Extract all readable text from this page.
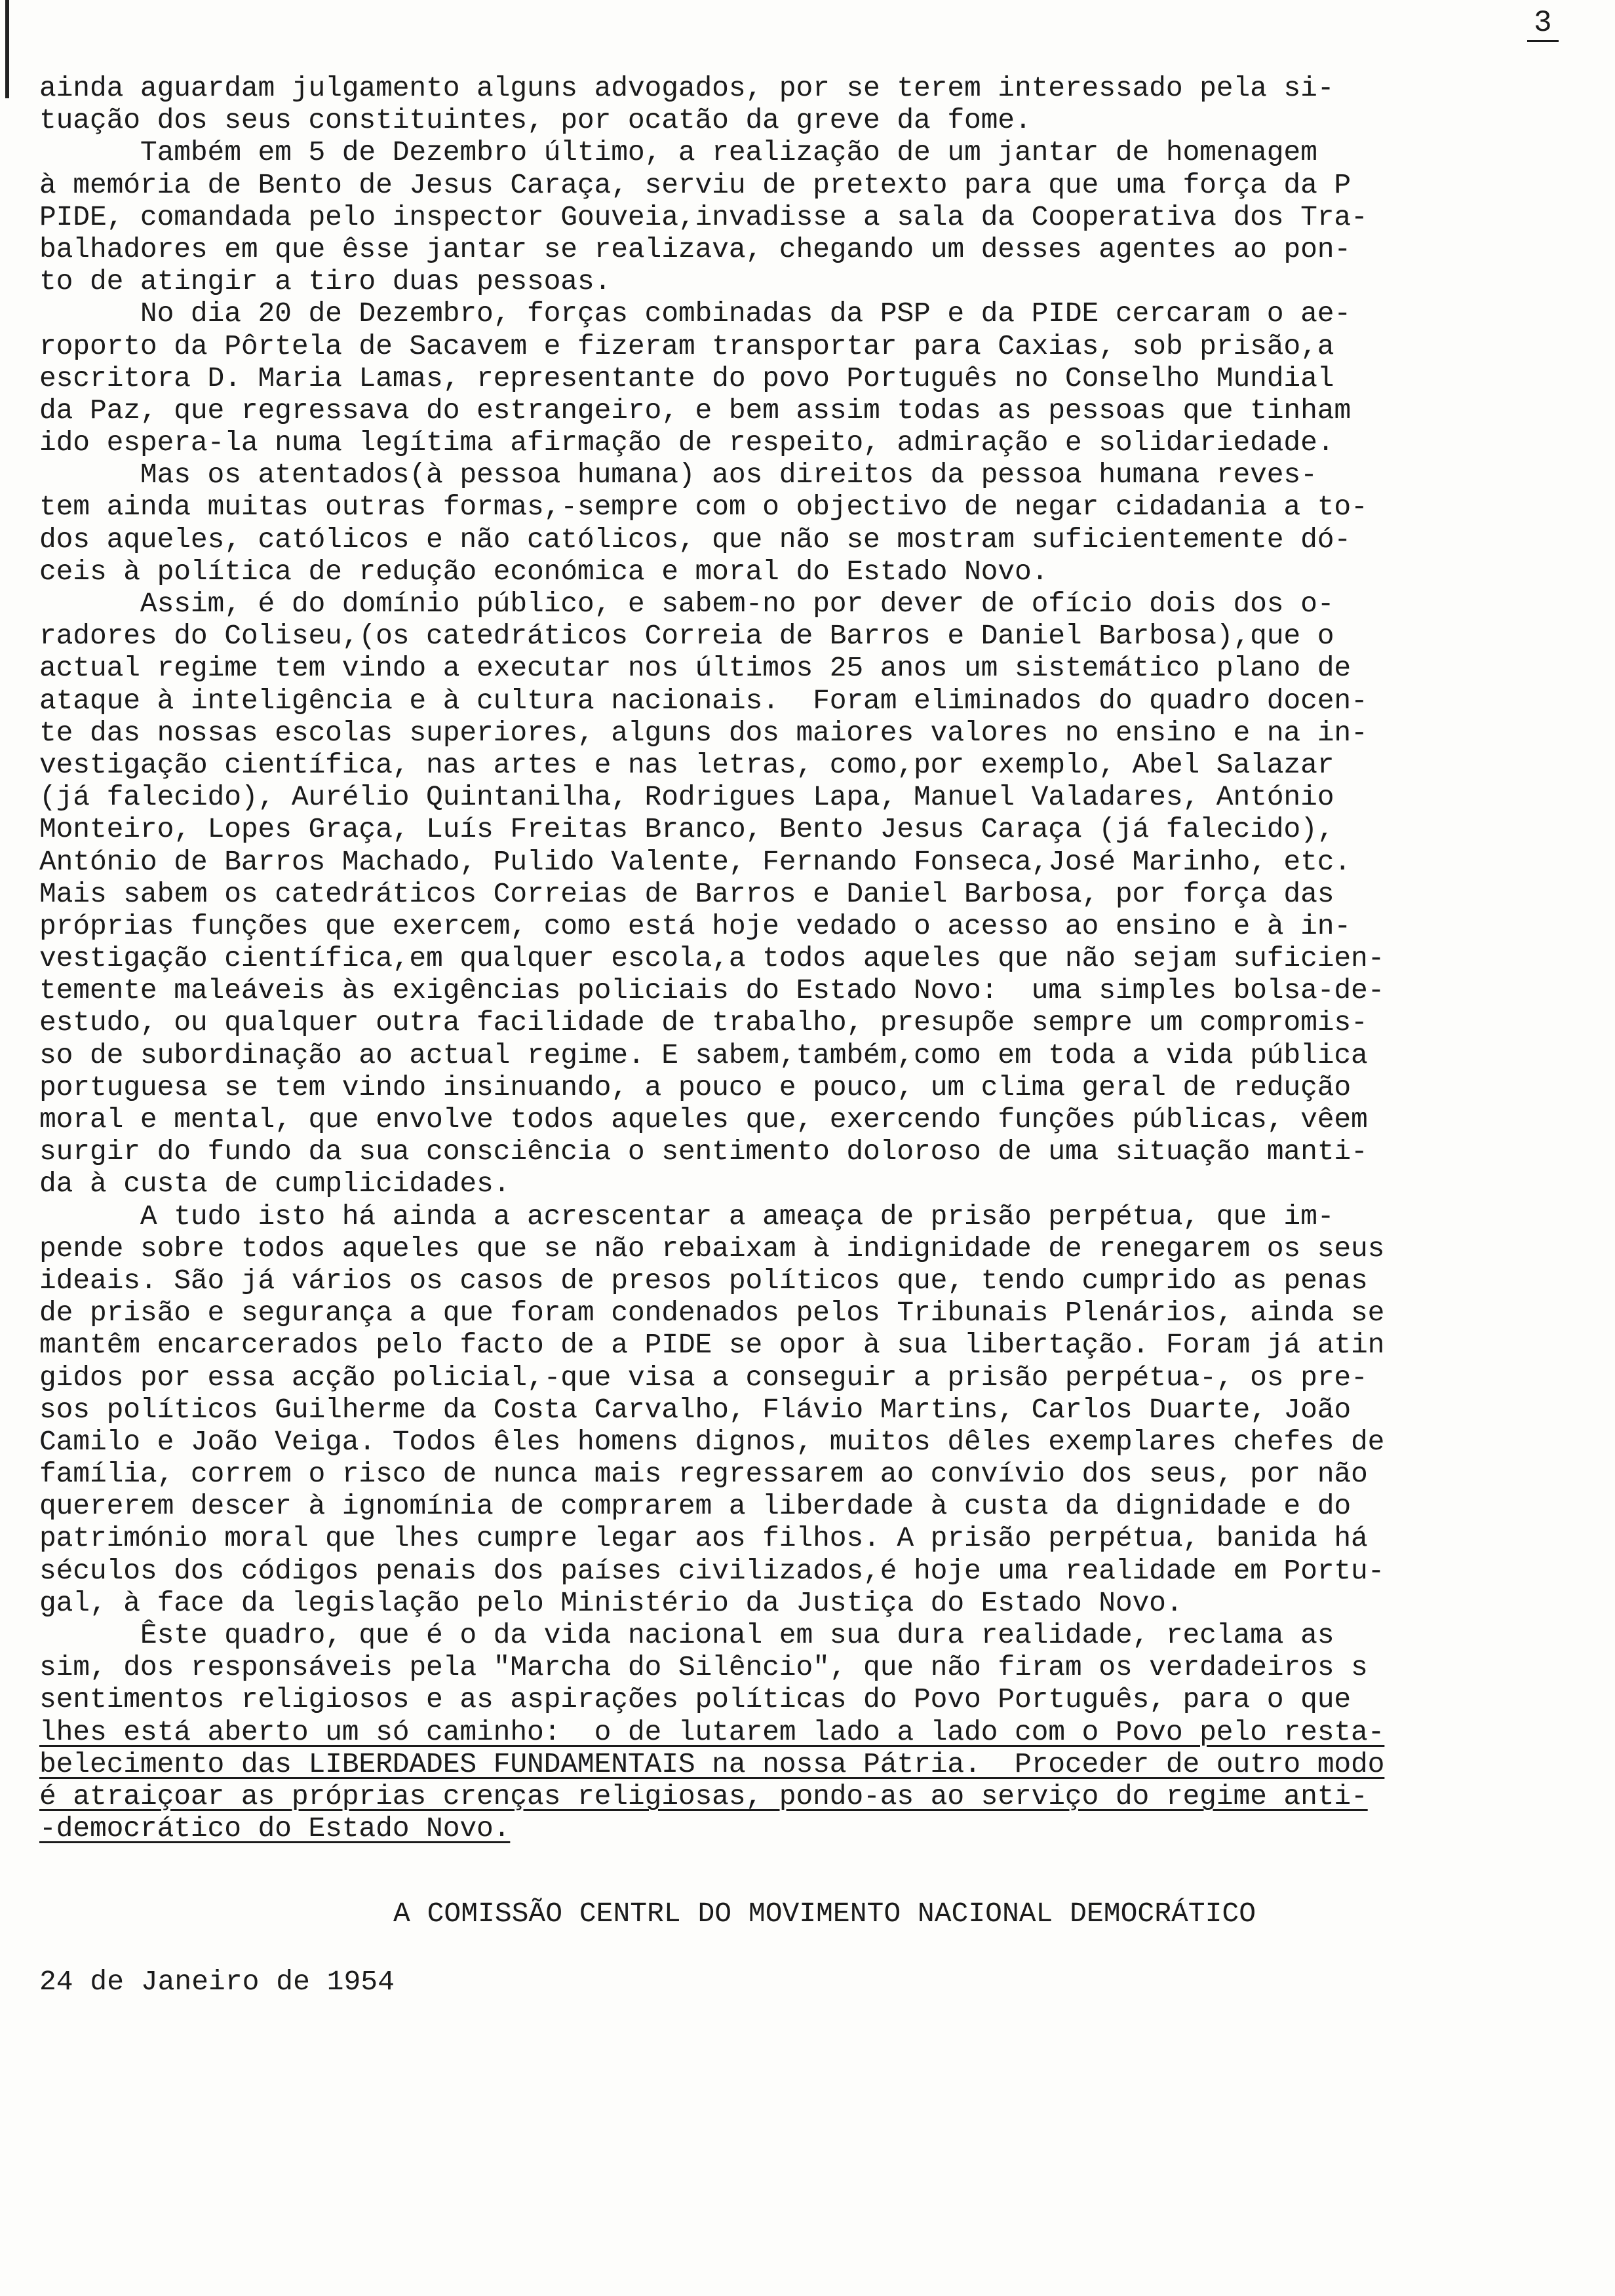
3
ainda aguardam julgamento alguns advogados, por se terem interessado pela si-
tuação dos seus constituintes, por ocatão da greve da fome.
Também em 5 de Dezembro último, a realização de um jantar de homenagem
à memória de Bento de Jesus Caraça, serviu de pretexto para que uma força da P
PIDE, comandada pelo inspector Gouveia,invadisse a sala da Cooperativa dos Tra-
balhadores em que êsse jantar se realizava, chegando um desses agentes ao pon-
to de atingir a tiro duas pessoas.
No dia 20 de Dezembro, forças combinadas da PSP e da PIDE cercaram o ae-
roporto da Pôrtela de Sacavem e fizeram transportar para Caxias, sob prisão,a
escritora D. Maria Lamas, representante do povo Português no Conselho Mundial
da Paz, que regressava do estrangeiro, e bem assim todas as pessoas que tinham
ido espera-la numa legítima afirmação de respeito, admiração e solidariedade.
Mas os atentados(à pessoa humana) aos direitos da pessoa humana reves-
tem ainda muitas outras formas,-sempre com o objectivo de negar cidadania a to-
dos aqueles, católicos e não católicos, que não se mostram suficientemente dó-
ceis à política de redução económica e moral do Estado Novo.
Assim, é do domínio público, e sabem-no por dever de ofício dois dos o-
radores do Coliseu,(os catedráticos Correia de Barros e Daniel Barbosa),que o
actual regime tem vindo a executar nos últimos 25 anos um sistemático plano de
ataque à inteligência e à cultura nacionais.  Foram eliminados do quadro docen-
te das nossas escolas superiores, alguns dos maiores valores no ensino e na in-
vestigação científica, nas artes e nas letras, como,por exemplo, Abel Salazar
(já falecido), Aurélio Quintanilha, Rodrigues Lapa, Manuel Valadares, António
Monteiro, Lopes Graça, Luís Freitas Branco, Bento Jesus Caraça (já falecido),
António de Barros Machado, Pulido Valente, Fernando Fonseca,José Marinho, etc.
Mais sabem os catedráticos Correias de Barros e Daniel Barbosa, por força das
próprias funções que exercem, como está hoje vedado o acesso ao ensino e à in-
vestigação científica,em qualquer escola,a todos aqueles que não sejam suficien-
temente maleáveis às exigências policiais do Estado Novo:  uma simples bolsa-de-
estudo, ou qualquer outra facilidade de trabalho, presupõe sempre um compromis-
so de subordinação ao actual regime. E sabem,também,como em toda a vida pública
portuguesa se tem vindo insinuando, a pouco e pouco, um clima geral de redução
moral e mental, que envolve todos aqueles que, exercendo funções públicas, vêem
surgir do fundo da sua consciência o sentimento doloroso de uma situação manti-
da à custa de cumplicidades.
A tudo isto há ainda a acrescentar a ameaça de prisão perpétua, que im-
pende sobre todos aqueles que se não rebaixam à indignidade de renegarem os seus
ideais. São já vários os casos de presos políticos que, tendo cumprido as penas
de prisão e segurança a que foram condenados pelos Tribunais Plenários, ainda se
mantêm encarcerados pelo facto de a PIDE se opor à sua libertação. Foram já atin
gidos por essa acção policial,-que visa a conseguir a prisão perpétua-, os pre-
sos políticos Guilherme da Costa Carvalho, Flávio Martins, Carlos Duarte, João
Camilo e João Veiga. Todos êles homens dignos, muitos dêles exemplares chefes de
família, correm o risco de nunca mais regressarem ao convívio dos seus, por não
quererem descer à ignomínia de comprarem a liberdade à custa da dignidade e do
património moral que lhes cumpre legar aos filhos. A prisão perpétua, banida há
séculos dos códigos penais dos países civilizados,é hoje uma realidade em Portu-
gal, à face da legislação pelo Ministério da Justiça do Estado Novo.
Êste quadro, que é o da vida nacional em sua dura realidade, reclama as
sim, dos responsáveis pela "Marcha do Silêncio", que não firam os verdadeiros s
sentimentos religiosos e as aspirações políticas do Povo Português, para o que
lhes está aberto um só caminho:  o de lutarem lado a lado com o Povo pelo resta-
belecimento das LIBERDADES FUNDAMENTAIS na nossa Pátria.  Proceder de outro modo
é atraiçoar as próprias crenças religiosas, pondo-as ao serviço do regime anti-
-democrático do Estado Novo.
A COMISSÃO CENTRL DO MOVIMENTO NACIONAL DEMOCRÁTICO
24 de Janeiro de 1954
